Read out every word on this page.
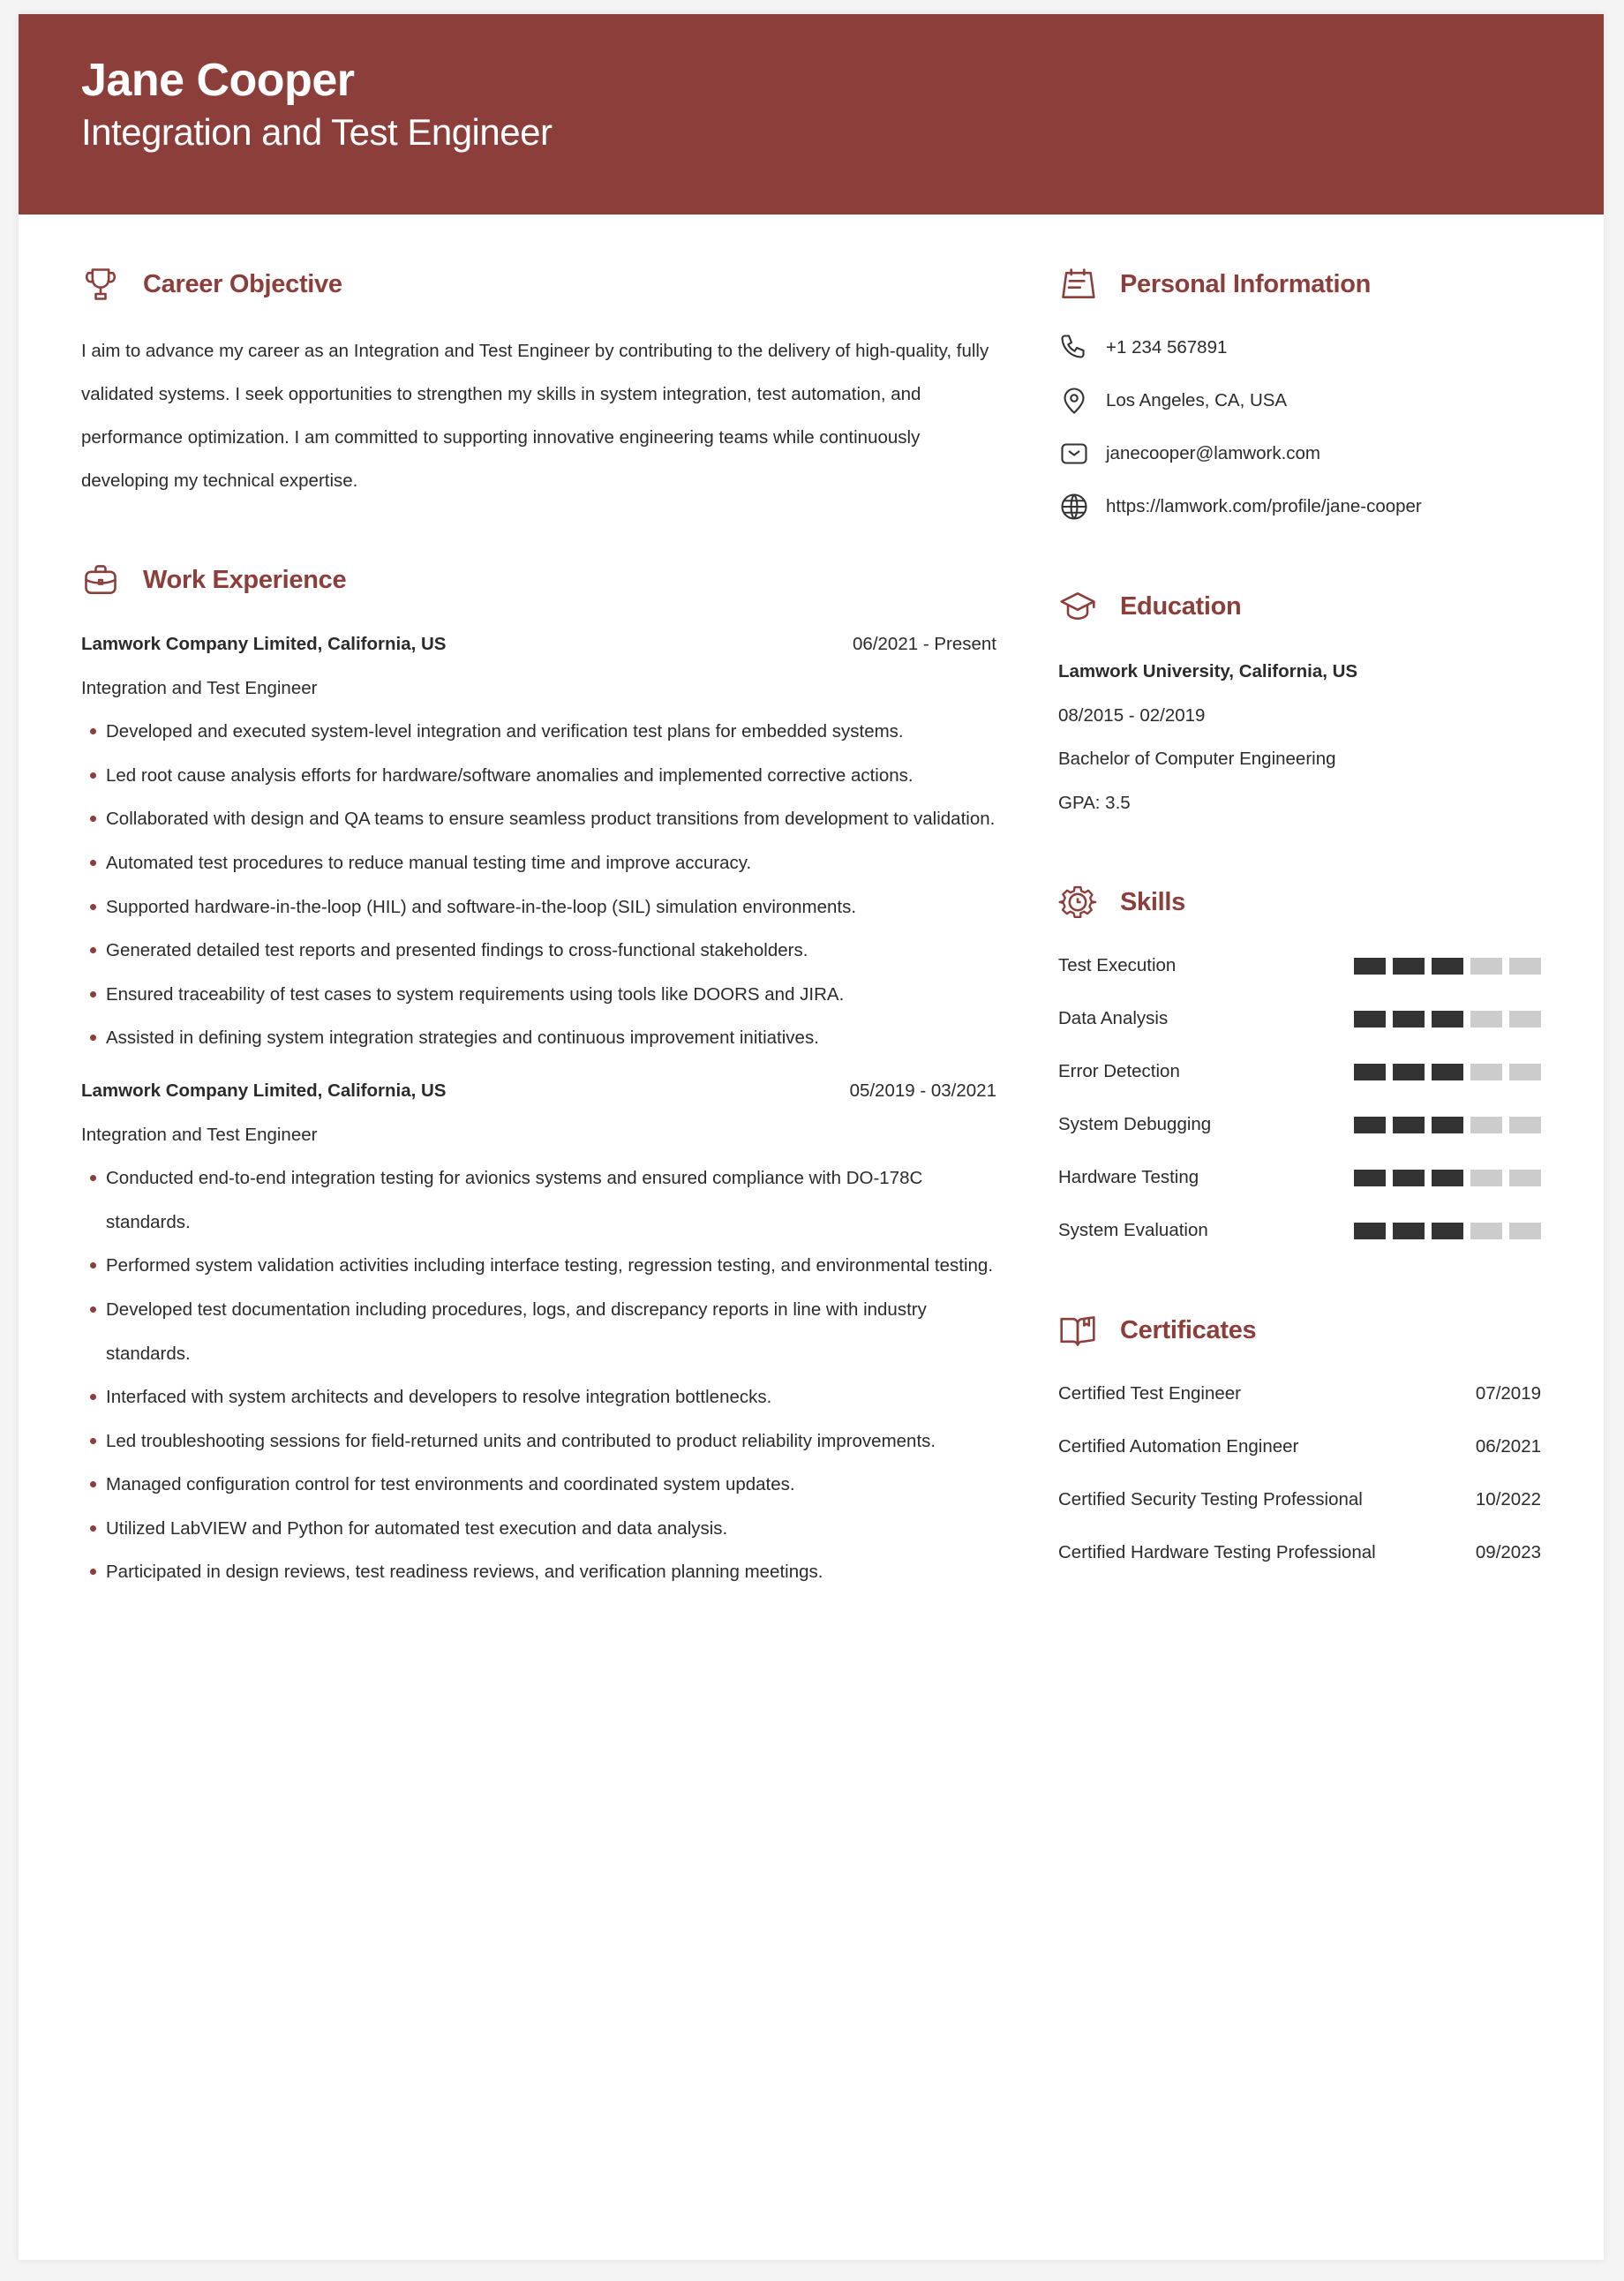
Jane Cooper
Integration and Test Engineer
Career Objective
I aim to advance my career as an Integration and Test Engineer by contributing to the delivery of high-quality, fully validated systems. I seek opportunities to strengthen my skills in system integration, test automation, and performance optimization. I am committed to supporting innovative engineering teams while continuously developing my technical expertise.
Work Experience
Lamwork Company Limited, California, US	06/2021 - Present
Integration and Test Engineer
Developed and executed system-level integration and verification test plans for embedded systems.
Led root cause analysis efforts for hardware/software anomalies and implemented corrective actions.
Collaborated with design and QA teams to ensure seamless product transitions from development to validation.
Automated test procedures to reduce manual testing time and improve accuracy.
Supported hardware-in-the-loop (HIL) and software-in-the-loop (SIL) simulation environments.
Generated detailed test reports and presented findings to cross-functional stakeholders.
Ensured traceability of test cases to system requirements using tools like DOORS and JIRA.
Assisted in defining system integration strategies and continuous improvement initiatives.
Lamwork Company Limited, California, US	05/2019 - 03/2021
Integration and Test Engineer
Conducted end-to-end integration testing for avionics systems and ensured compliance with DO-178C standards.
Performed system validation activities including interface testing, regression testing, and environmental testing.
Developed test documentation including procedures, logs, and discrepancy reports in line with industry standards.
Interfaced with system architects and developers to resolve integration bottlenecks.
Led troubleshooting sessions for field-returned units and contributed to product reliability improvements.
Managed configuration control for test environments and coordinated system updates.
Utilized LabVIEW and Python for automated test execution and data analysis.
Participated in design reviews, test readiness reviews, and verification planning meetings.
Personal Information
+1 234 567891
Los Angeles, CA, USA
janecooper@lamwork.com
https://lamwork.com/profile/jane-cooper
Education
Lamwork University, California, US
08/2015 - 02/2019
Bachelor of Computer Engineering
GPA: 3.5
Skills
Test Execution
Data Analysis
Error Detection
System Debugging
Hardware Testing
System Evaluation
Certificates
Certified Test Engineer	07/2019
Certified Automation Engineer	06/2021
Certified Security Testing Professional	10/2022
Certified Hardware Testing Professional	09/2023
